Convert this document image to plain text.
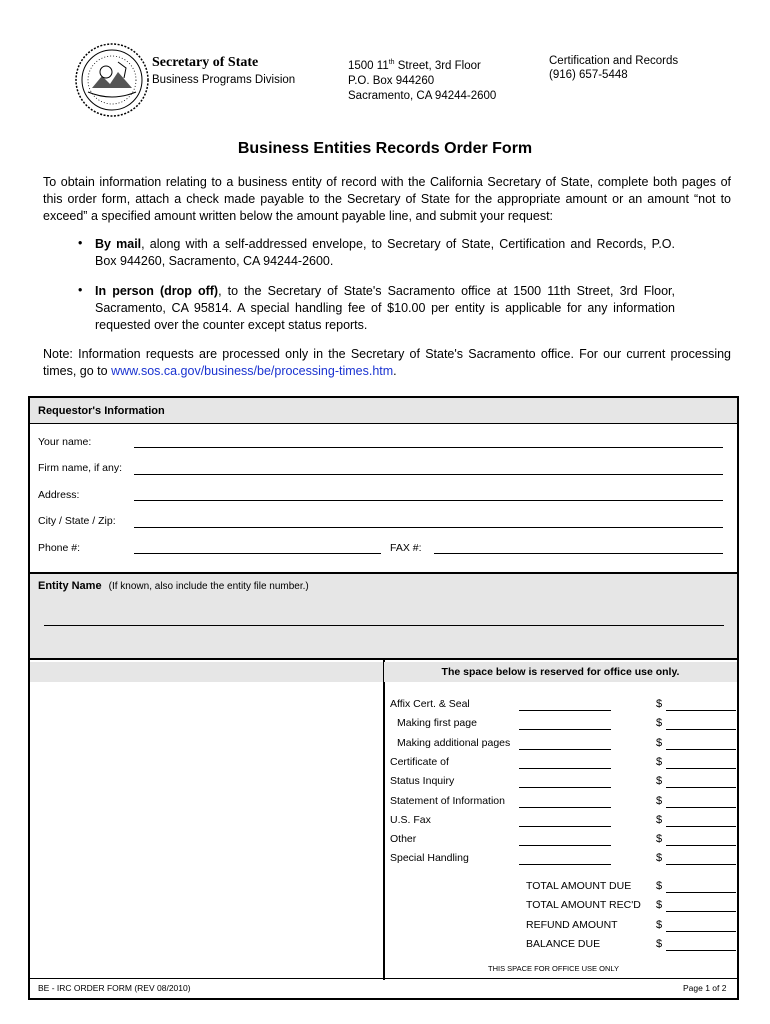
Secretary of State
Business Programs Division
1500 11th Street, 3rd Floor
P.O. Box 944260
Sacramento, CA 94244-2600
Certification and Records
(916) 657-5448
Business Entities Records Order Form
To obtain information relating to a business entity of record with the California Secretary of State, complete both pages of this order form, attach a check made payable to the Secretary of State for the appropriate amount or an amount “not to exceed” a specified amount written below the amount payable line, and submit your request:
• By mail, along with a self-addressed envelope, to Secretary of State, Certification and Records, P.O. Box 944260, Sacramento, CA 94244-2600.
• In person (drop off), to the Secretary of State's Sacramento office at 1500 11th Street, 3rd Floor, Sacramento, CA 95814. A special handling fee of $10.00 per entity is applicable for any information requested over the counter except status reports.
Note: Information requests are processed only in the Secretary of State's Sacramento office. For our current processing times, go to www.sos.ca.gov/business/be/processing-times.htm.
Requestor's Information
Your name:
Firm name, if any:
Address:
City / State / Zip:
Phone #:	FAX #:
Entity Name (If known, also include the entity file number.)
The space below is reserved for office use only.
Affix Cert. & Seal	$
Making first page	$
Making additional pages	$
Certificate of	$
Status Inquiry	$
Statement of Information	$
U.S. Fax	$
Other	$
Special Handling	$
TOTAL AMOUNT DUE $
TOTAL AMOUNT REC'D $
REFUND AMOUNT	$
BALANCE DUE	$
THIS SPACE FOR OFFICE USE ONLY
BE - IRC ORDER FORM (REV 08/2010)	Page 1 of 2
